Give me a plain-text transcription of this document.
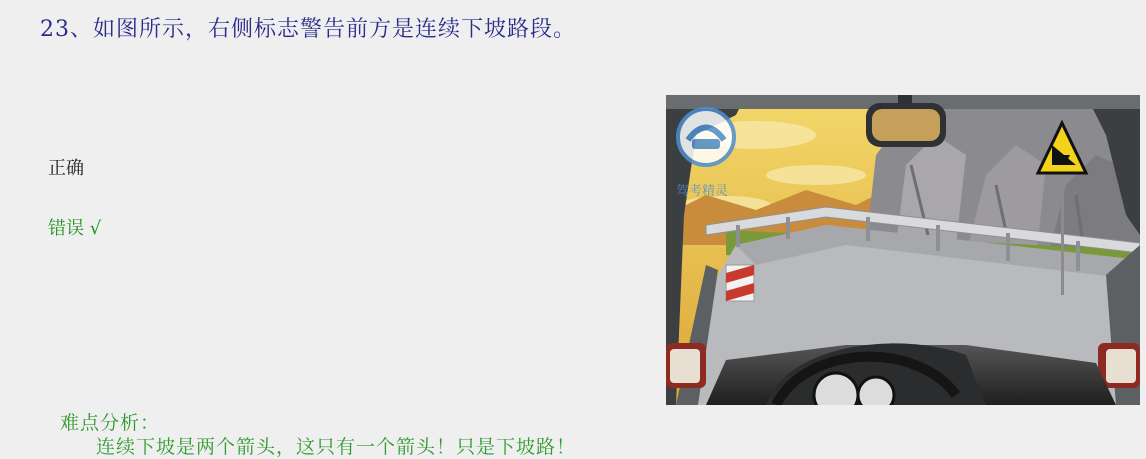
23、如图所示，右侧标志警告前方是连续下坡路段。
正确
错误 √
驾考精灵
难点分析：
连续下坡是两个箭头，这只有一个箭头！只是下坡路！
